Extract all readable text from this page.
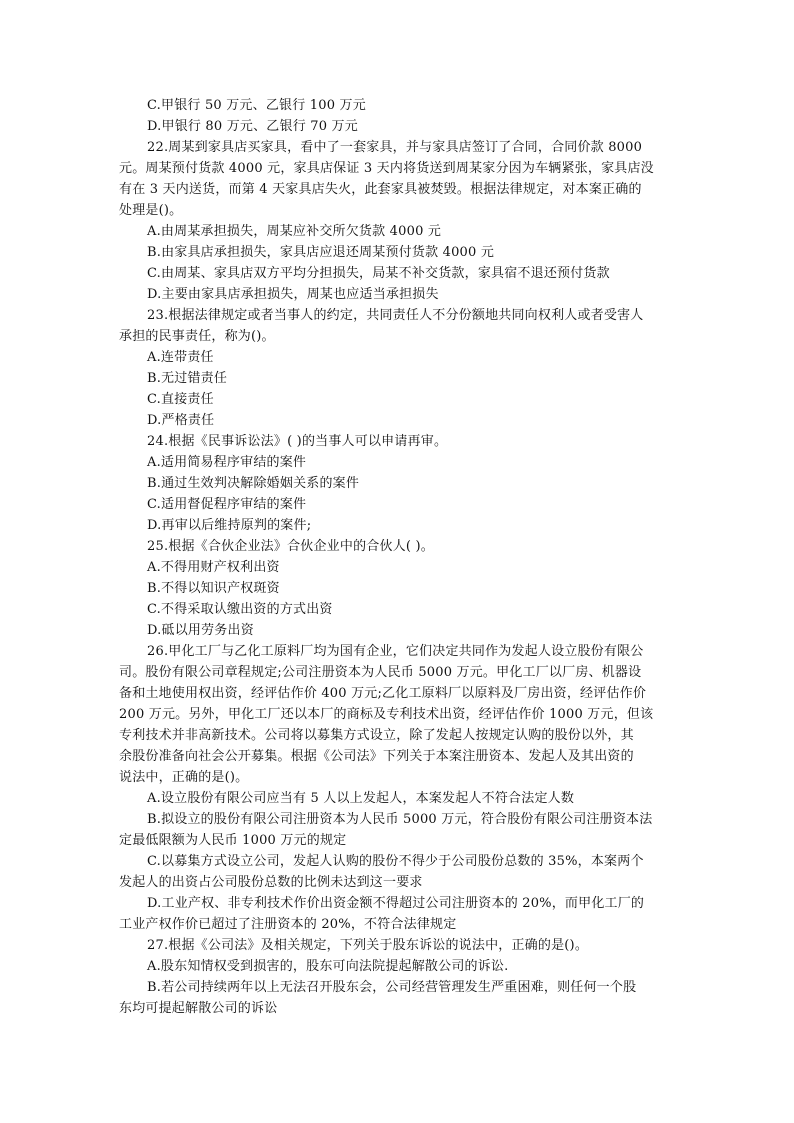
C.甲银行 50 万元、乙银行 100 万元
D.甲银行 80 万元、乙银行 70 万元
22.周某到家具店买家具，看中了一套家具，并与家具店签订了合同，合同价款 8000
元。周某预付货款 4000 元，家具店保证 3 天内将货送到周某家分因为车辆紧张，家具店没
有在 3 天内送货，而第 4 天家具店失火，此套家具被焚毁。根据法律规定，对本案正确的
处理是()。
A.由周某承担损失，周某应补交所欠货款 4000 元
B.由家具店承担损失，家具店应退还周某预付货款 4000 元
C.由周某、家具店双方平均分担损失，局某不补交货款，家具宿不退还预付货款
D.主要由家具店承担损失，周某也应适当承担损失
23.根据法律规定或者当事人的约定，共同责任人不分份额地共同向权利人或者受害人
承担的民事责任，称为()。
A.连带责任
B.无过错责任
C.直接责任
D.严格责任
24.根据《民事诉讼法》( )的当事人可以申请再审。
A.适用简易程序审结的案件
B.通过生效判决解除婚姻关系的案件
C.适用督促程序审结的案件
D.再审以后维持原判的案件;
25.根据《合伙企业法》合伙企业中的合伙人( )。
A.不得用财产权利出资
B.不得以知识产权斑资
C.不得采取认缴出资的方式出资
D.砥以用劳务出资
26.甲化工厂与乙化工原料厂均为国有企业，它们决定共同作为发起人设立股份有限公
司。股份有限公司章程规定;公司注册资本为人民币 5000 万元。甲化工厂以厂房、机器设
备和土地使用权出资，经评估作价 400 万元;乙化工原料厂以原料及厂房出资，经评估作价
200 万元。另外，甲化工厂还以本厂的商标及专利技术出资，经评估作价 1000 万元，但该
专利技术并非高新技术。公司将以募集方式设立，除了发起人按规定认购的股份以外，其
余股份准备向社会公开募集。根据《公司法》下列关于本案注册资本、发起人及其出资的
说法中，正确的是()。
A.设立股份有限公司应当有 5 人以上发起人，本案发起人不符合法定人数
B.拟设立的股份有限公司注册资本为人民币 5000 万元，符合股份有限公司注册资本法
定最低限额为人民币 1000 万元的规定
C.以募集方式设立公司，发起人认购的股份不得少于公司股份总数的 35%，本案两个
发起人的出资占公司股份总数的比例未达到这一要求
D.工业产权、非专利技术作价出资金额不得超过公司注册资本的 20%，而甲化工厂的
工业产权作价已超过了注册资本的 20%，不符合法律规定
27.根据《公司法》及相关规定，下列关于股东诉讼的说法中，正确的是()。
A.股东知情权受到损害的，股东可向法院提起解散公司的诉讼.
B.若公司持续两年以上无法召开股东会，公司经营管理发生严重困难，则任何一个股
东均可提起解散公司的诉讼
